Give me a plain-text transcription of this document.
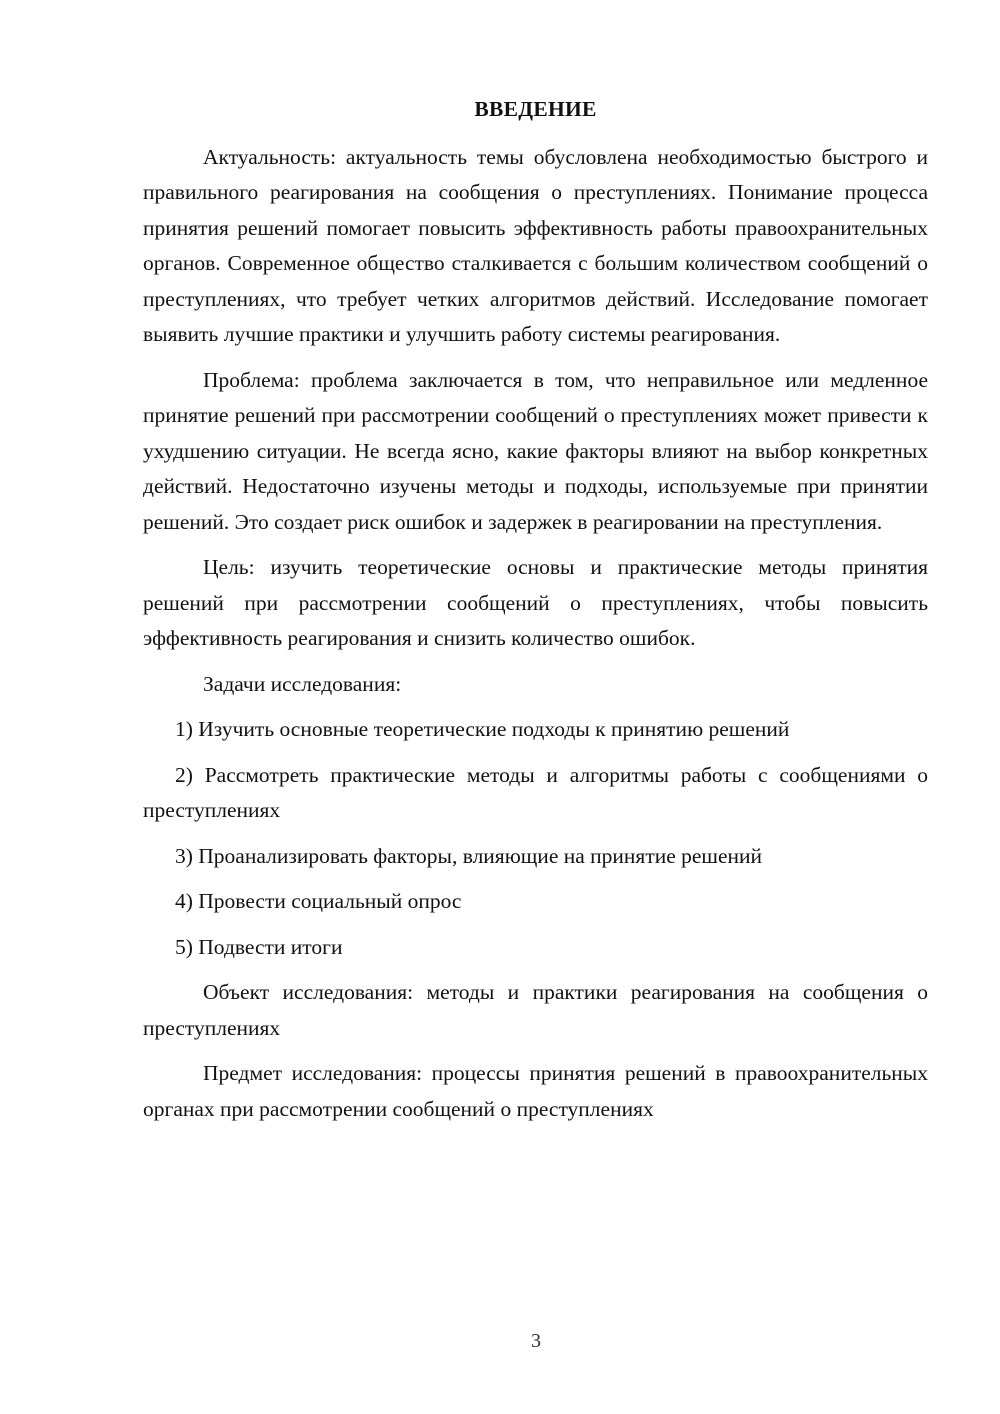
ВВЕДЕНИЕ

Актуальность: актуальность темы обусловлена необходимостью быстрого и правильного реагирования на сообщения о преступлениях. Понимание процесса принятия решений помогает повысить эффективность работы правоохранительных органов. Современное общество сталкивается с большим количеством сообщений о преступлениях, что требует четких алгоритмов действий. Исследование помогает выявить лучшие практики и улучшить работу системы реагирования.

Проблема: проблема заключается в том, что неправильное или медленное принятие решений при рассмотрении сообщений о преступлениях может привести к ухудшению ситуации. Не всегда ясно, какие факторы влияют на выбор конкретных действий. Недостаточно изучены методы и подходы, используемые при принятии решений. Это создает риск ошибок и задержек в реагировании на преступления.

Цель: изучить теоретические основы и практические методы принятия решений при рассмотрении сообщений о преступлениях, чтобы повысить эффективность реагирования и снизить количество ошибок.

Задачи исследования:

1) Изучить основные теоретические подходы к принятию решений

2) Рассмотреть практические методы и алгоритмы работы с сообщениями о преступлениях

3) Проанализировать факторы, влияющие на принятие решений

4) Провести социальный опрос

5) Подвести итоги

Объект исследования: методы и практики реагирования на сообщения о преступлениях

Предмет исследования: процессы принятия решений в правоохранительных органах при рассмотрении сообщений о преступлениях

3
